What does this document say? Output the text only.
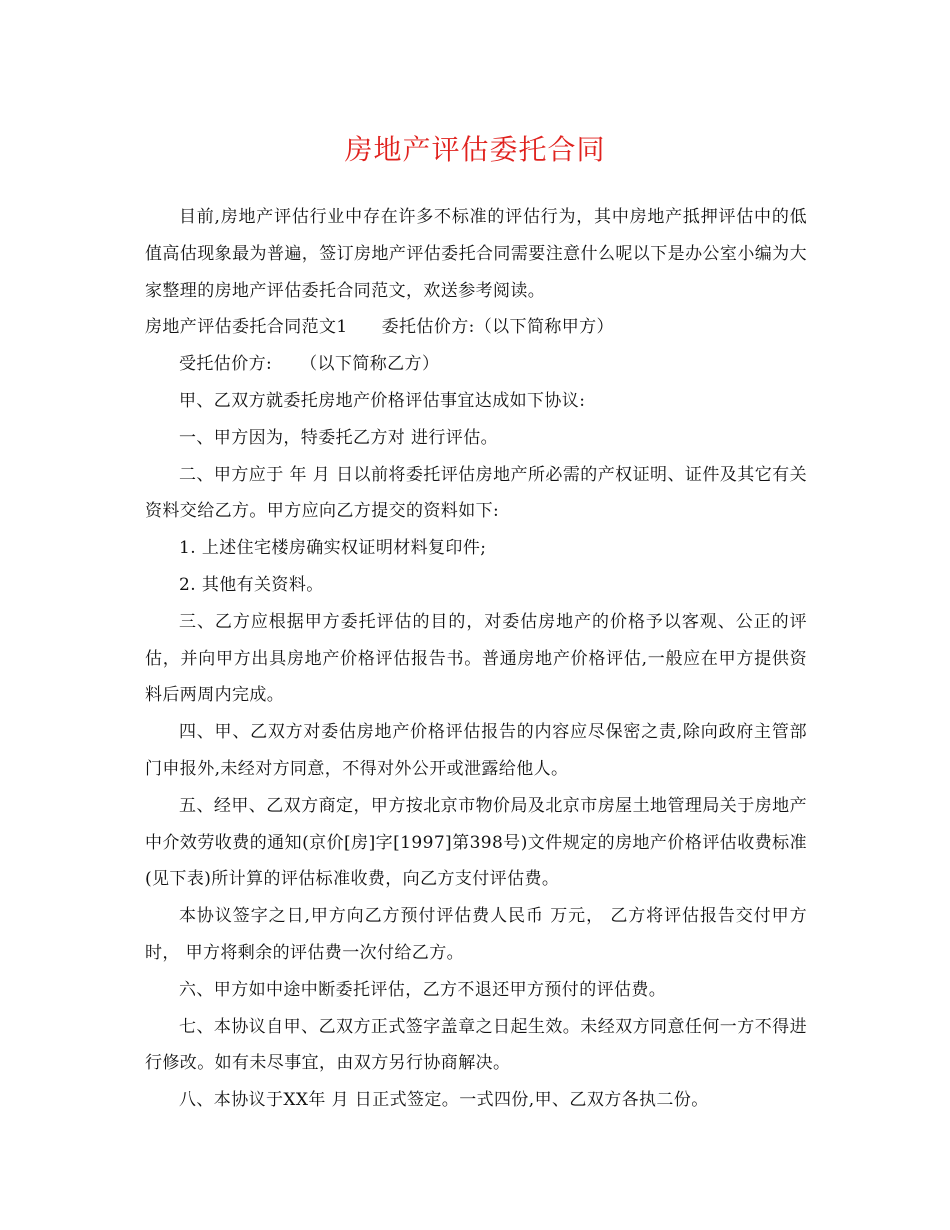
房地产评估委托合同

目前,房地产评估行业中存在许多不标准的评估行为，其中房地产抵押评估中的低值高估现象最为普遍，签订房地产评估委托合同需要注意什么呢以下是办公室小编为大家整理的房地产评估委托合同范文，欢送参考阅读。

房地产评估委托合同范文1 委托估价方:（以下简称甲方）

受托估价方: （以下简称乙方）

甲、乙双方就委托房地产价格评估事宜达成如下协议:

一、甲方因为，特委托乙方对 进行评估。

二、甲方应于 年 月 日以前将委托评估房地产所必需的产权证明、证件及其它有关资料交给乙方。甲方应向乙方提交的资料如下:

1. 上述住宅楼房确实权证明材料复印件;

2. 其他有关资料。

三、乙方应根据甲方委托评估的目的，对委估房地产的价格予以客观、公正的评估，并向甲方出具房地产价格评估报告书。普通房地产价格评估,一般应在甲方提供资料后两周内完成。

四、甲、乙双方对委估房地产价格评估报告的内容应尽保密之责,除向政府主管部门申报外,未经对方同意，不得对外公开或泄露给他人。

五、经甲、乙双方商定，甲方按北京市物价局及北京市房屋土地管理局关于房地产中介效劳收费的通知(京价[房]字[1997]第398号)文件规定的房地产价格评估收费标准(见下表)所计算的评估标准收费，向乙方支付评估费。

本协议签字之日,甲方向乙方预付评估费人民币 万元， 乙方将评估报告交付甲方时， 甲方将剩余的评估费一次付给乙方。

六、甲方如中途中断委托评估，乙方不退还甲方预付的评估费。

七、本协议自甲、乙双方正式签字盖章之日起生效。未经双方同意任何一方不得进行修改。如有未尽事宜，由双方另行协商解决。

八、本协议于XX年 月 日正式签定。一式四份,甲、乙双方各执二份。
